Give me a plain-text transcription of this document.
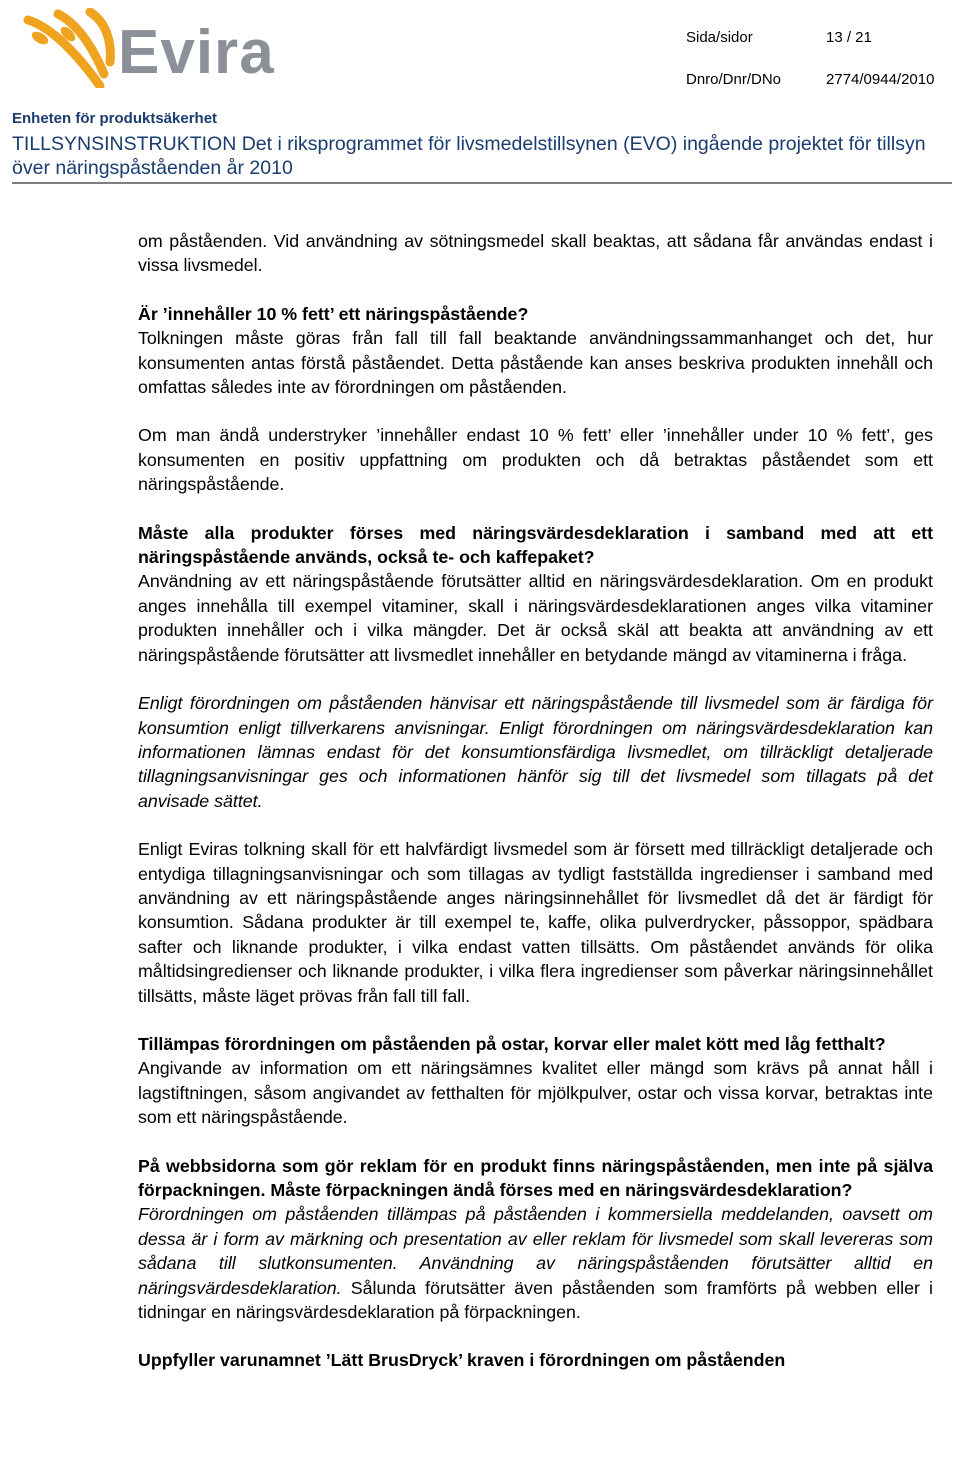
Evira	Sida/sidor	13 / 21
Dnro/Dnr/DNo	2774/0944/2010
Enheten för produktsäkerhet
TILLSYNSINSTRUKTION Det i riksprogrammet för livsmedelstillsynen (EVO) ingående projektet för tillsyn över näringspåståenden år 2010

om påståenden. Vid användning av sötningsmedel skall beaktas, att sådana får användas endast i vissa livsmedel.

Är ’innehåller 10 % fett’ ett näringspåstående?

Tolkningen måste göras från fall till fall beaktande användningssammanhanget och det, hur konsumenten antas förstå påståendet. Detta påstående kan anses beskriva produkten innehåll och omfattas således inte av förordningen om påståenden.

Om man ändå understryker ’innehåller endast 10 % fett’ eller ’innehåller under 10 % fett’, ges konsumenten en positiv uppfattning om produkten och då betraktas påståendet som ett näringspåstående.

Måste alla produkter förses med näringsvärdesdeklaration i samband med att ett näringspåstående används, också te- och kaffepaket?

Användning av ett näringspåstående förutsätter alltid en näringsvärdesdeklaration. Om en produkt anges innehålla till exempel vitaminer, skall i näringsvärdesdeklarationen anges vilka vitaminer produkten innehåller och i vilka mängder. Det är också skäl att beakta att användning av ett näringspåstående förutsätter att livsmedlet innehåller en betydande mängd av vitaminerna i fråga.

Enligt förordningen om påståenden hänvisar ett näringspåstående till livsmedel som är färdiga för konsumtion enligt tillverkarens anvisningar. Enligt förordningen om näringsvärdesdeklaration kan informationen lämnas endast för det konsumtionsfärdiga livsmedlet, om tillräckligt detaljerade tillagningsanvisningar ges och informationen hänför sig till det livsmedel som tillagats på det anvisade sättet.

Enligt Eviras tolkning skall för ett halvfärdigt livsmedel som är försett med tillräckligt detaljerade och entydiga tillagningsanvisningar och som tillagas av tydligt fastställda ingredienser i samband med användning av ett näringspåstående anges näringsinnehållet för livsmedlet då det är färdigt för konsumtion. Sådana produkter är till exempel te, kaffe, olika pulverdrycker, påssoppor, spädbara safter och liknande produkter, i vilka endast vatten tillsätts. Om påståendet används för olika måltidsingredienser och liknande produkter, i vilka flera ingredienser som påverkar näringsinnehållet tillsätts, måste läget prövas från fall till fall.

Tillämpas förordningen om påståenden på ostar, korvar eller malet kött med låg fetthalt?

Angivande av information om ett näringsämnes kvalitet eller mängd som krävs på annat håll i lagstiftningen, såsom angivandet av fetthalten för mjölkpulver, ostar och vissa korvar, betraktas inte som ett näringspåstående.

På webbsidorna som gör reklam för en produkt finns näringspåståenden, men inte på själva förpackningen. Måste förpackningen ändå förses med en näringsvärdesdeklaration?

Förordningen om påståenden tillämpas på påståenden i kommersiella meddelanden, oavsett om dessa är i form av märkning och presentation av eller reklam för livsmedel som skall levereras som sådana till slutkonsumenten. Användning av näringspåståenden förutsätter alltid en näringsvärdesdeklaration. Sålunda förutsätter även påståenden som framförts på webben eller i tidningar en näringsvärdesdeklaration på förpackningen.

Uppfyller varunamnet ’Lätt BrusDryck’ kraven i förordningen om påståenden
